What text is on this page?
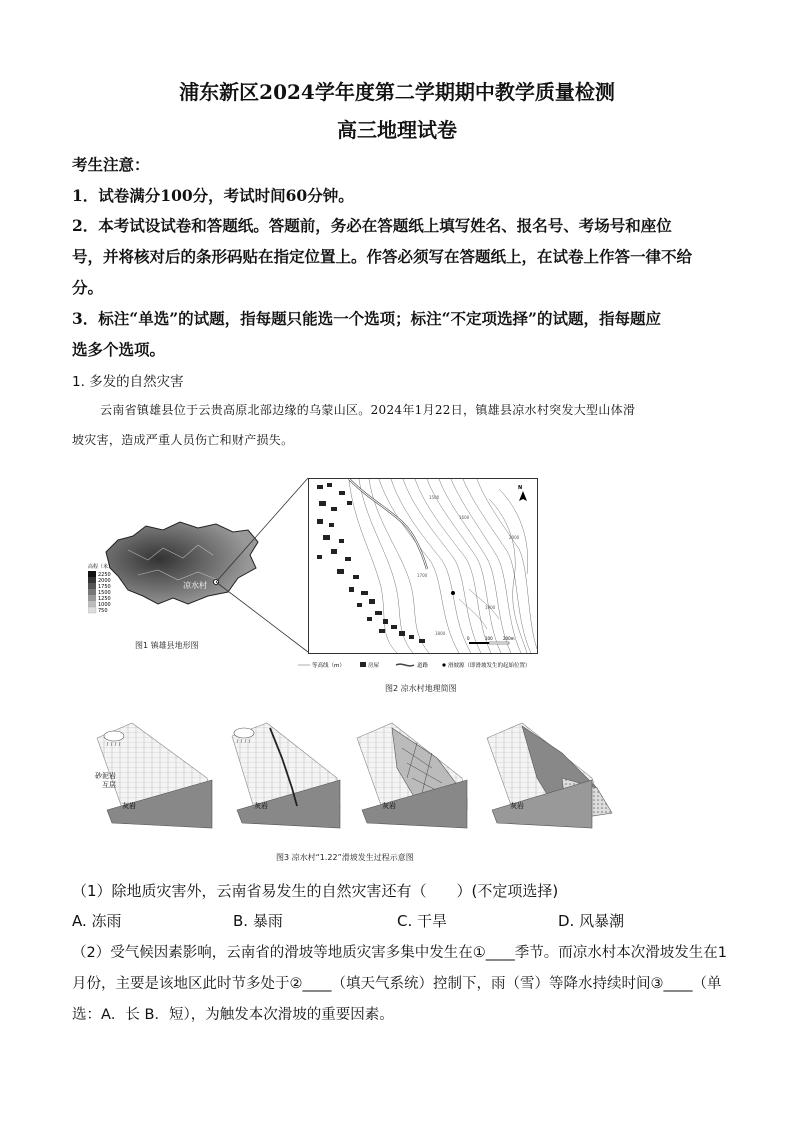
浦东新区2024学年度第二学期期中教学质量检测
高三地理试卷
考生注意：
1．试卷满分100分，考试时间60分钟。
2．本考试设试卷和答题纸。答题前，务必在答题纸上填写姓名、报名号、考场号和座位
号，并将核对后的条形码贴在指定位置上。作答必须写在答题纸上，在试卷上作答一律不给
分。
3．标注“单选”的试题，指每题只能选一个选项；标注“不定项选择”的试题，指每题应
选多个选项。
1. 多发的自然灾害
云南省镇雄县位于云贵高原北部边缘的乌蒙山区。2024年1月22日，镇雄县凉水村突发大型山体滑
坡灾害，造成严重人员伤亡和财产损失。
凉水村
高程（米）
2250
2000
1750
1500
1250
1000
750
图1 镇雄县地形图
1500
1600
1700
1800
1900
2000
N
0	100	200m
等高线（m）	房屋	道路	滑坡源（即滑坡发生的起始位置）
图2 凉水村地理简图
砂泥岩
互层
灰岩	灰岩	灰岩	灰岩
图3 凉水村“1.22”滑坡发生过程示意图
（1）除地质灾害外，云南省易发生的自然灾害还有（　　）(不定项选择)
A. 冻雨	B. 暴雨	C. 干旱	D. 风暴潮
（2）受气候因素影响，云南省的滑坡等地质灾害多集中发生在①____季节。而凉水村本次滑坡发生在1
月份，主要是该地区此时节多处于②____（填天气系统）控制下，雨（雪）等降水持续时间③____（单
选：A．长 B．短），为触发本次滑坡的重要因素。
